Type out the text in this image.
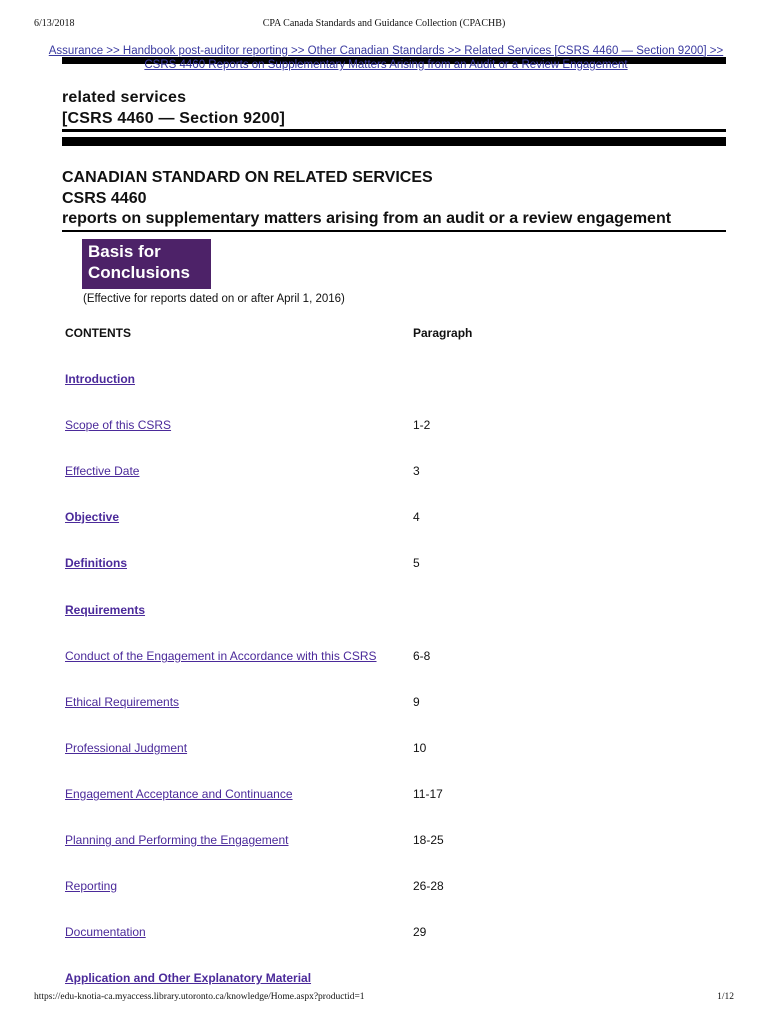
6/13/2018	CPA Canada Standards and Guidance Collection (CPACHB)
Assurance >> Handbook post-auditor reporting >> Other Canadian Standards >> Related Services [CSRS 4460 — Section 9200] >>
CSRS 4460 Reports on Supplementary Matters Arising from an Audit or a Review Engagement
related services
[CSRS 4460 — Section 9200]
CANADIAN STANDARD ON RELATED SERVICES
CSRS 4460
reports on supplementary matters arising from an audit or a review engagement
Basis for
Conclusions
(Effective for reports dated on or after April 1, 2016)
CONTENTS	Paragraph
Introduction
Scope of this CSRS	1-2
Effective Date	3
Objective	4
Definitions	5
Requirements
Conduct of the Engagement in Accordance with this CSRS	6-8
Ethical Requirements	9
Professional Judgment	10
Engagement Acceptance and Continuance	11-17
Planning and Performing the Engagement	18-25
Reporting	26-28
Documentation	29
Application and Other Explanatory Material
https://edu-knotia-ca.myaccess.library.utoronto.ca/knowledge/Home.aspx?productid=1	1/12
